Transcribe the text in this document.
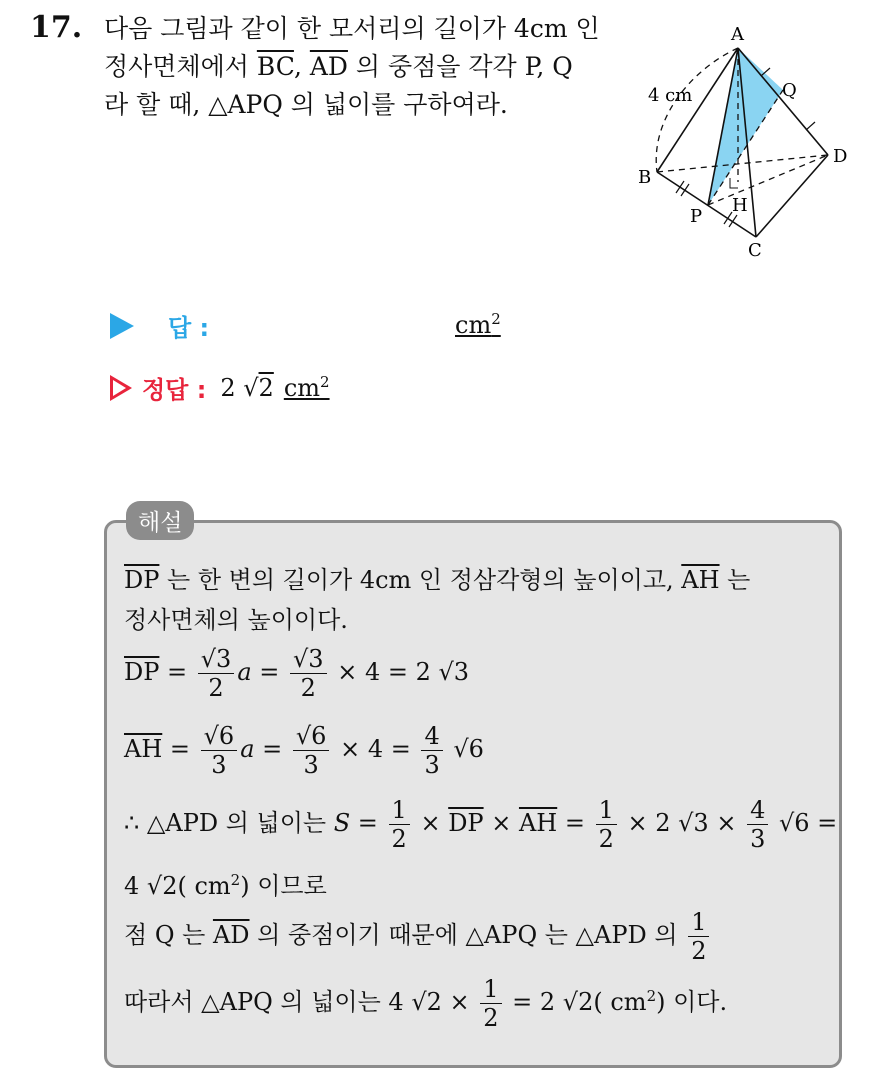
17. 다음 그림과 같이 한 모서리의 길이가 4cm 인
정사면체에서 $\overline{BC}$, $\overline{AD}$ 의 중점을 각각 P, Q
라 할 때, △APQ 의 넓이를 구하여라.
A
B
C
D
P
Q
H
4 cm
답 :	$cm^2$
정답 : 2 √2 $cm^2$
해설
$\overline{DP}$ 는 한 변의 길이가 4cm 인 정삼각형의 높이이고, $\overline{AH}$ 는
정사면체의 높이이다.
$\overline{DP} = \frac{√3}{2}$ $a = \frac{√3}{2} \times 4 = 2$ √3
$\overline{AH} = \frac{√6}{3}$ $a = \frac{√6}{3} \times 4 = \frac{4}{3} √6$
∴ △APD 의 넓이는 $S = \frac{1}{2} \times \overline{DP} \times \overline{AH} = \frac{1}{2} \times 2$ $√3 \times \frac{4}{3} √6$ =
4 √2( $cm^2$) 이므로
점 Q 는 $\overline{AD}$ 의 중점이기 때문에 △APQ 는 △APD 의 $\frac{1}{2}$
따라서 △APQ 의 넓이는 4 $√2 \times \frac{1}{2} = 2$ √2( $cm^2$) 이다.
